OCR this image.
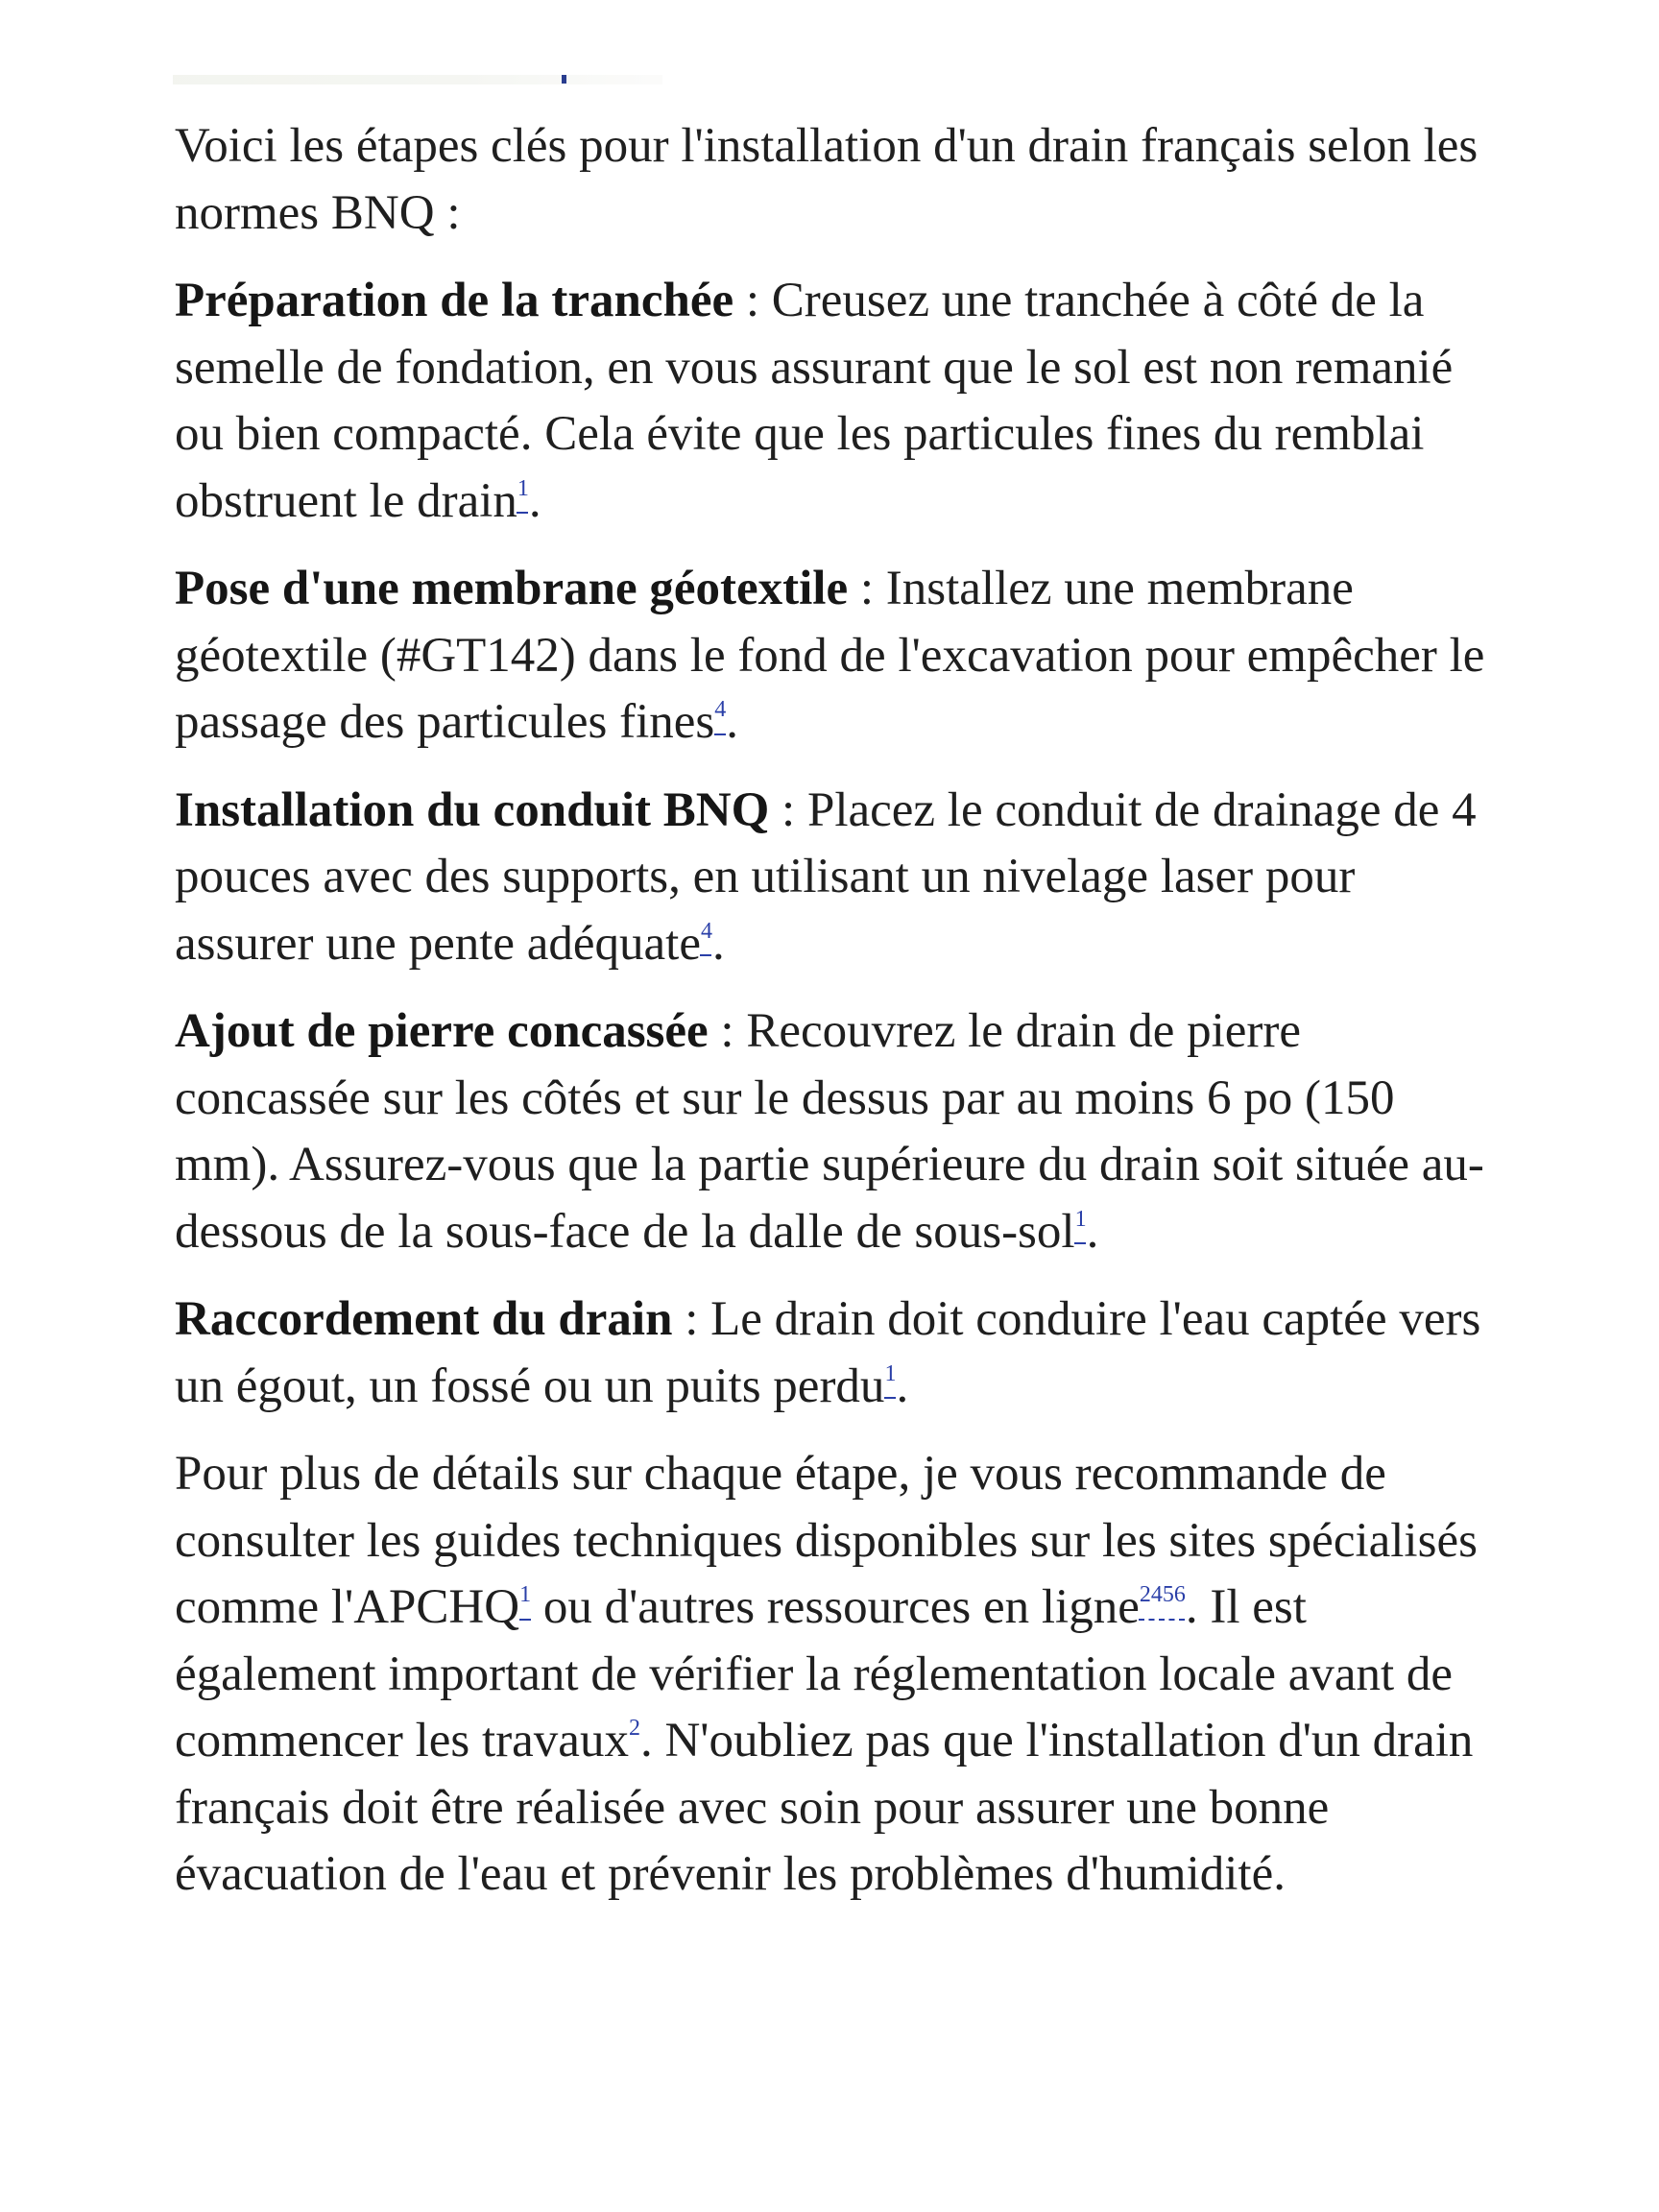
Voici les étapes clés pour l'installation d'un drain français selon les normes BNQ :

Préparation de la tranchée : Creusez une tranchée à côté de la semelle de fondation, en vous assurant que le sol est non remanié ou bien compacté. Cela évite que les particules fines du remblai obstruent le drain$^1$.

Pose d'une membrane géotextile : Installez une membrane géotextile (#GT142) dans le fond de l'excavation pour empêcher le passage des particules fines$^4$.

Installation du conduit BNQ : Placez le conduit de drainage de 4 pouces avec des supports, en utilisant un nivelage laser pour assurer une pente adéquate$^4$.

Ajout de pierre concassée : Recouvrez le drain de pierre concassée sur les côtés et sur le dessus par au moins 6 po (150 mm). Assurez-vous que la partie supérieure du drain soit située au-dessous de la sous-face de la dalle de sous-sol$^1$.

Raccordement du drain : Le drain doit conduire l'eau captée vers un égout, un fossé ou un puits perdu$^1$.

Pour plus de détails sur chaque étape, je vous recommande de consulter les guides techniques disponibles sur les sites spécialisés comme l'APCHQ$^1$ ou d'autres ressources en ligne$^{2456}$. Il est également important de vérifier la réglementation locale avant de commencer les travaux$^2$. N'oubliez pas que l'installation d'un drain français doit être réalisée avec soin pour assurer une bonne évacuation de l'eau et prévenir les problèmes d'humidité.
